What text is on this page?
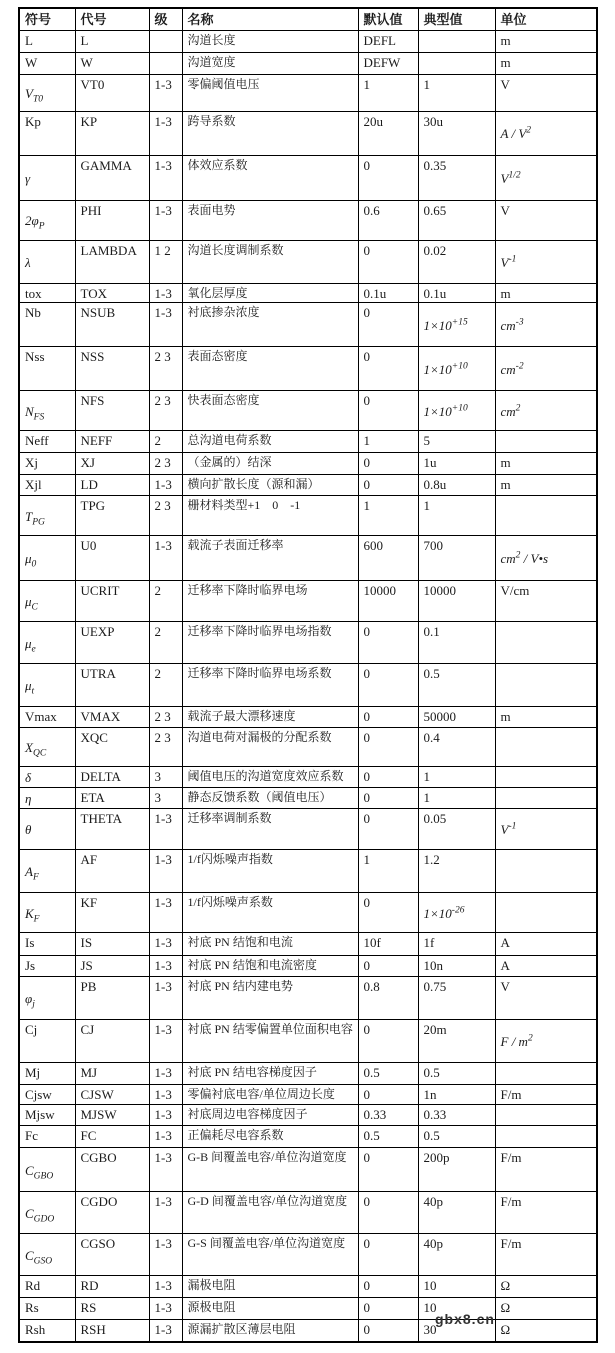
符号	代号	级	名称	默认值	典型值	单位
L	L		沟道长度	DEFL		m
W	W		沟道宽度	DEFW		m
$V_{T0}$	VT0	1-3	零偏阈值电压	1	1	V
Kp	KP	1-3	跨导系数	20u	30u	A / $V^2$
γ	GAMMA	1-3	体效应系数	0	0.35	$V^{1/2}$
$2\varphi_P$	PHI	1-3	表面电势	0.6	0.65	V
λ	LAMBDA	1 2	沟道长度调制系数	0	0.02	$V^{-1}$
tox	TOX	1-3	氧化层厚度	0.1u	0.1u	m
Nb	NSUB	1-3	衬底掺杂浓度	0	$1\times 10^{+15}$	$cm^{-3}$
Nss	NSS	2 3	表面态密度	0	$1\times 10^{+10}$	$cm^{-2}$
$N_{FS}$	NFS	2 3	快表面态密度	0	$1\times 10^{+10}$	$cm^2$
Neff	NEFF	2	总沟道电荷系数	1	5	
Xj	XJ	2 3	（金属的）结深	0	1u	m
Xjl	LD	1-3	横向扩散长度（源和漏）	0	0.8u	m
$T_{PG}$	TPG	2 3	栅材料类型+1　0　-1	1	1	
$\mu_0$	U0	1-3	载流子表面迁移率	600	700	$cm^2$ / V•s
$\mu_C$	UCRIT	2	迁移率下降时临界电场	10000	10000	V/cm
$\mu_e$	UEXP	2	迁移率下降时临界电场指数	0	0.1	
$\mu_t$	UTRA	2	迁移率下降时临界电场系数	0	0.5	
Vmax	VMAX	2 3	载流子最大漂移速度	0	50000	m
$X_{QC}$	XQC	2 3	沟道电荷对漏极的分配系数	0	0.4	
δ	DELTA	3	阈值电压的沟道宽度效应系数	0	1	
η	ETA	3	静态反馈系数（阈值电压）	0	1	
θ	THETA	1-3	迁移率调制系数	0	0.05	$V^{-1}$
$A_F$	AF	1-3	1/f闪烁噪声指数	1	1.2	
$K_F$	KF	1-3	1/f闪烁噪声系数	0	$1\times 10^{-26}$	
Is	IS	1-3	衬底 PN 结饱和电流	10f	1f	A
Js	JS	1-3	衬底 PN 结饱和电流密度	0	10n	A
$\varphi_j$	PB	1-3	衬底 PN 结内建电势	0.8	0.75	V
Cj	CJ	1-3	衬底 PN 结零偏置单位面积电容	0	20m	F / $m^2$
Mj	MJ	1-3	衬底 PN 结电容梯度因子	0.5	0.5	
Cjsw	CJSW	1-3	零偏衬底电容/单位周边长度	0	1n	F/m
Mjsw	MJSW	1-3	衬底周边电容梯度因子	0.33	0.33	
Fc	FC	1-3	正偏耗尽电容系数	0.5	0.5	
$C_{GBO}$	CGBO	1-3	G-B 间覆盖电容/单位沟道宽度	0	200p	F/m
$C_{GDO}$	CGDO	1-3	G-D 间覆盖电容/单位沟道宽度	0	40p	F/m
$C_{GSO}$	CGSO	1-3	G-S 间覆盖电容/单位沟道宽度	0	40p	F/m
Rd	RD	1-3	漏极电阻	0	10	Ω
Rs	RS	1-3	源极电阻	0	10	Ω
Rsh	RSH	1-3	源漏扩散区薄层电阻	0	30	Ω
gbx8.cn
